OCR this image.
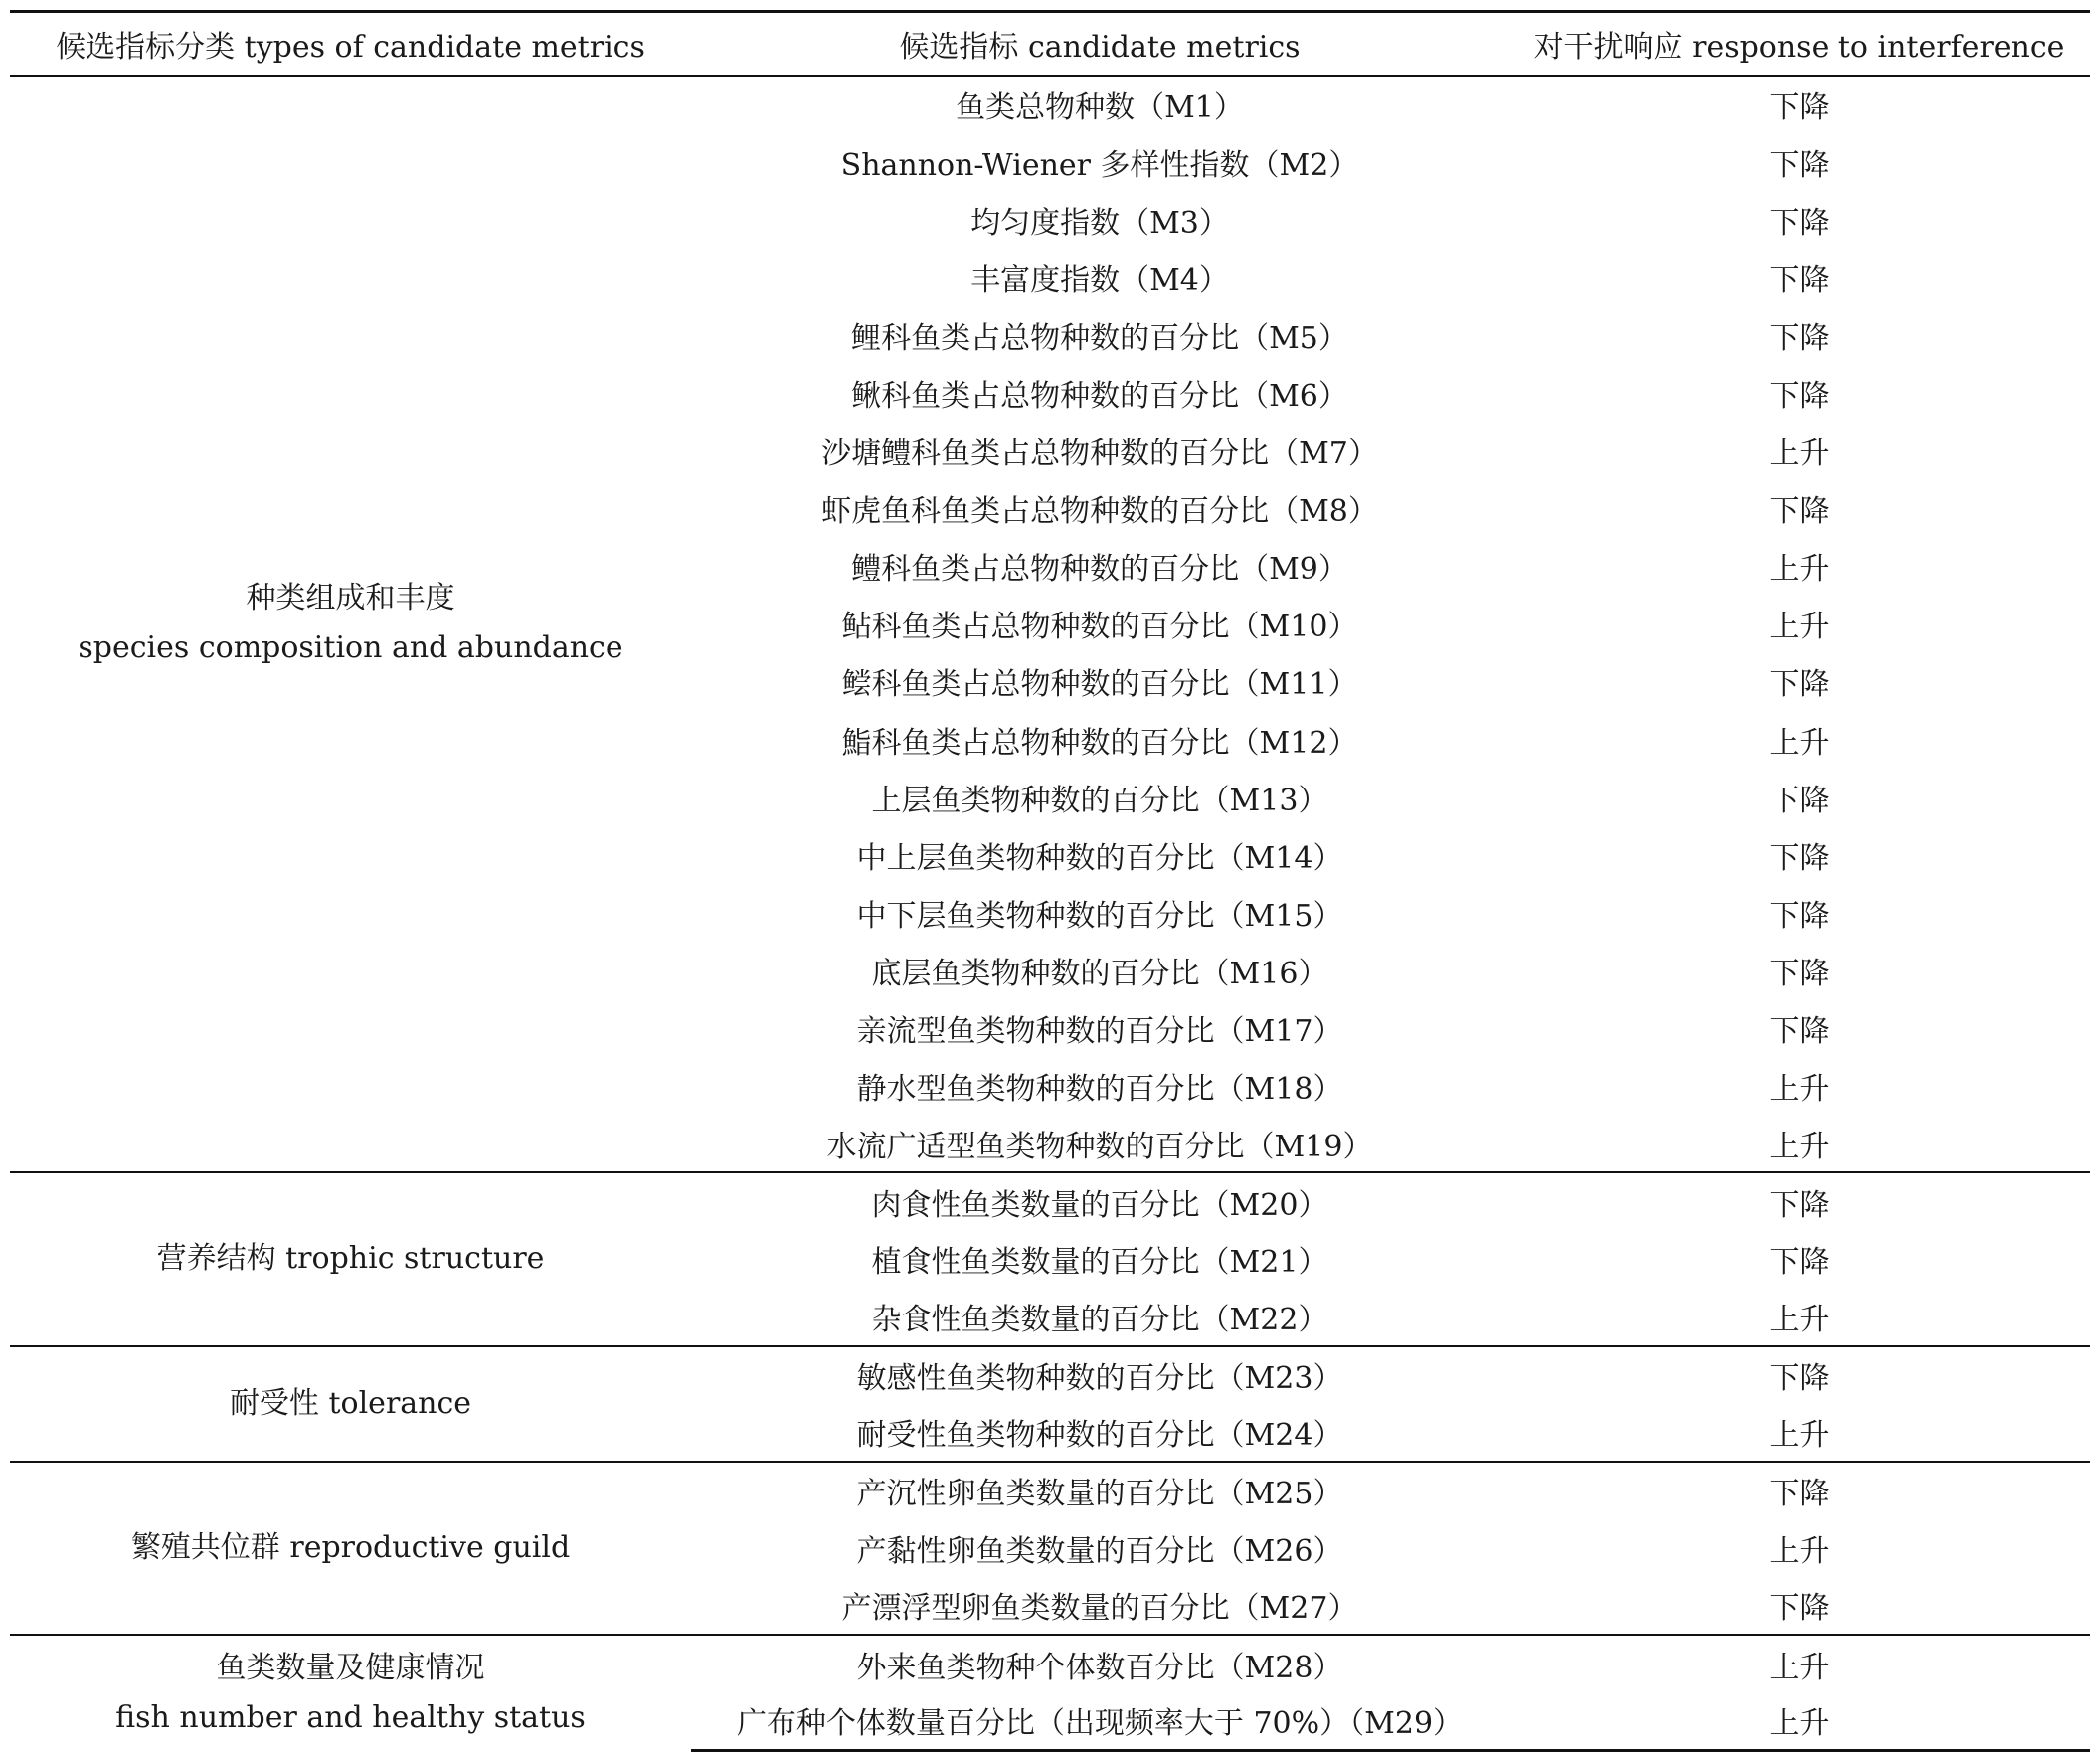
候选指标分类 types of candidate metrics	候选指标 candidate metrics	对干扰响应 response to interference

种类组成和丰度
species composition and abundance	鱼类总物种数（M1）	下降
	Shannon-Wiener 多样性指数（M2）	下降
	均匀度指数（M3）	下降
	丰富度指数（M4）	下降
	鲤科鱼类占总物种数的百分比（M5）	下降
	鳅科鱼类占总物种数的百分比（M6）	下降
	沙塘鳢科鱼类占总物种数的百分比（M7）	上升
	虾虎鱼科鱼类占总物种数的百分比（M8）	下降
	鳢科鱼类占总物种数的百分比（M9）	上升
	鲇科鱼类占总物种数的百分比（M10）	上升
	鲿科鱼类占总物种数的百分比（M11）	下降
	鮨科鱼类占总物种数的百分比（M12）	上升
	上层鱼类物种数的百分比（M13）	下降
	中上层鱼类物种数的百分比（M14）	下降
	中下层鱼类物种数的百分比（M15）	下降
	底层鱼类物种数的百分比（M16）	下降
	亲流型鱼类物种数的百分比（M17）	下降
	静水型鱼类物种数的百分比（M18）	上升
	水流广适型鱼类物种数的百分比（M19）	上升

营养结构 trophic structure	肉食性鱼类数量的百分比（M20）	下降
	植食性鱼类数量的百分比（M21）	下降
	杂食性鱼类数量的百分比（M22）	上升

耐受性 tolerance	敏感性鱼类物种数的百分比（M23）	下降
	耐受性鱼类物种数的百分比（M24）	上升

繁殖共位群 reproductive guild	产沉性卵鱼类数量的百分比（M25）	下降
	产黏性卵鱼类数量的百分比（M26）	上升
	产漂浮型卵鱼类数量的百分比（M27）	下降

鱼类数量及健康情况
fish number and healthy status	外来鱼类物种个体数百分比（M28）	上升
	广布种个体数量百分比（出现频率大于 70%）（M29）	上升
